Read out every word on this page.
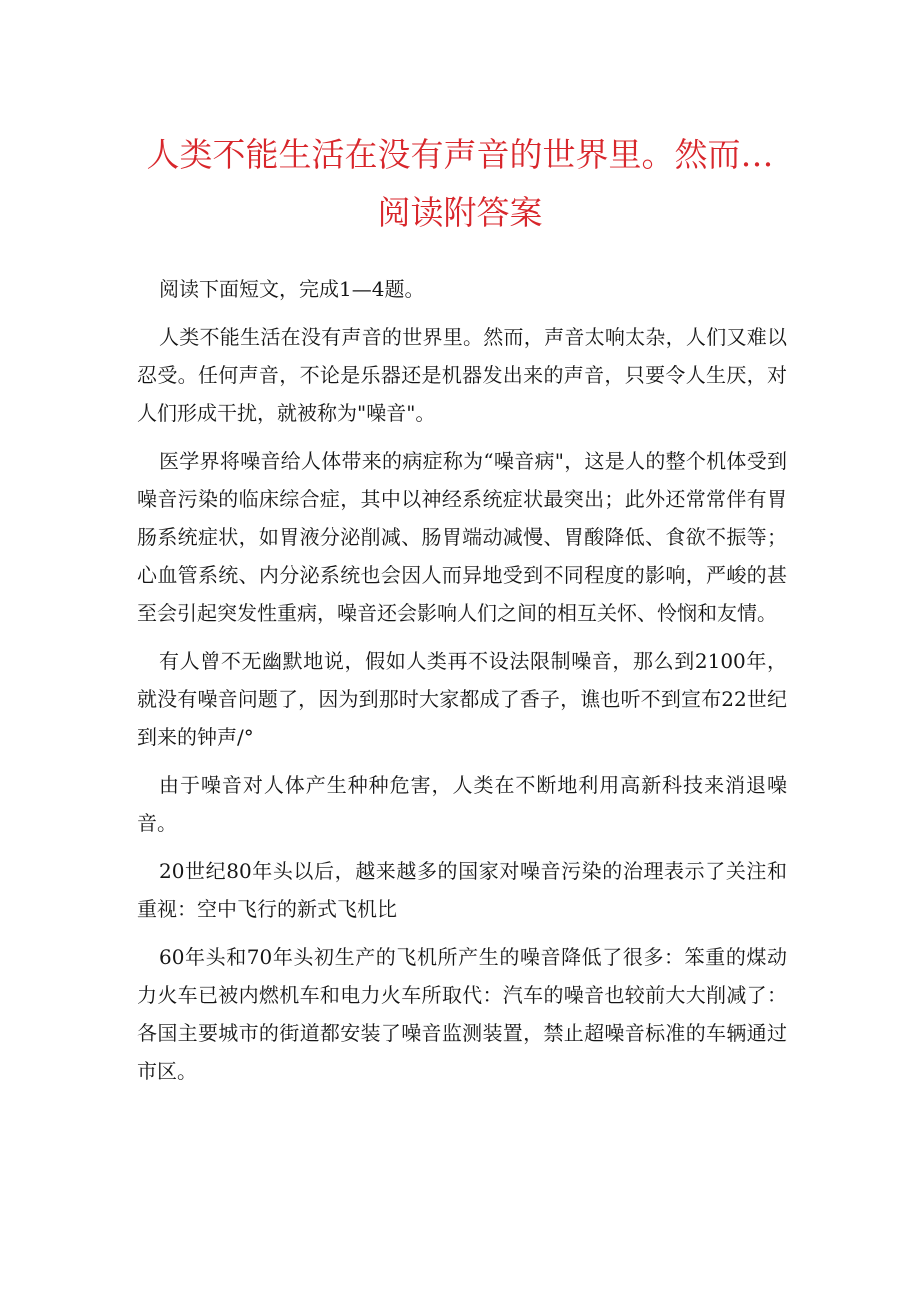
人类不能生活在没有声音的世界里。然而…
阅读附答案

阅读下面短文，完成1—4题。

人类不能生活在没有声音的世界里。然而，声音太响太杂，人们又难以忍受。任何声音，不论是乐器还是机器发出来的声音，只要令人生厌，对人们形成干扰，就被称为"噪音"。

医学界将噪音给人体带来的病症称为“噪音病"，这是人的整个机体受到噪音污染的临床综合症，其中以神经系统症状最突出；此外还常常伴有胃肠系统症状，如胃液分泌削减、肠胃端动减慢、胃酸降低、食欲不振等；心血管系统、内分泌系统也会因人而异地受到不同程度的影响，严峻的甚至会引起突发性重病，噪音还会影响人们之间的相互关怀、怜悯和友情。

有人曾不无幽默地说，假如人类再不设法限制噪音，那么到2100年，就没有噪音问题了，因为到那时大家都成了香子，谯也听不到宣布22世纪到来的钟声/°

由于噪音对人体产生种种危害，人类在不断地利用高新科技来消退噪音。

20世纪80年头以后，越来越多的国家对噪音污染的治理表示了关注和重视：空中飞行的新式飞机比

60年头和70年头初生产的飞机所产生的噪音降低了很多：笨重的煤动力火车已被内燃机车和电力火车所取代：汽车的噪音也较前大大削减了：各国主要城市的街道都安装了噪音监测装置，禁止超噪音标准的车辆通过市区。
